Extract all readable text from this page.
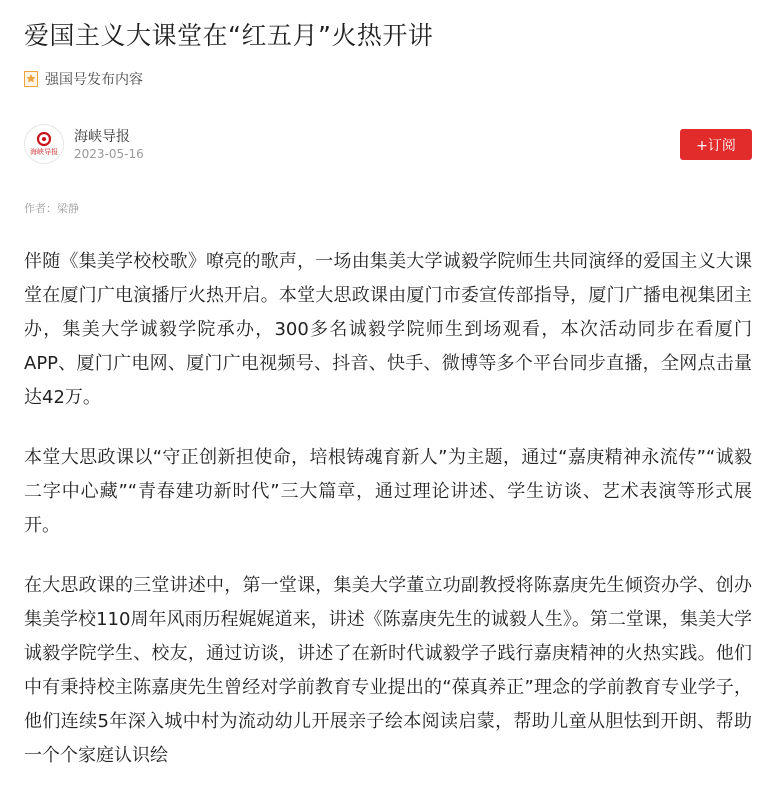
爱国主义大课堂在“红五月”火热开讲
强国号发布内容
海峡导报
海峡导报
2023-05-16
+订阅
作者：梁静

伴随《集美学校校歌》嘹亮的歌声，一场由集美大学诚毅学院师生共同演绎的爱国主义大课堂在厦门广电演播厅火热开启。本堂大思政课由厦门市委宣传部指导，厦门广播电视集团主办，集美大学诚毅学院承办，300多名诚毅学院师生到场观看，本次活动同步在看厦门APP、厦门广电网、厦门广电视频号、抖音、快手、微博等多个平台同步直播，全网点击量达42万。

本堂大思政课以“守正创新担使命，培根铸魂育新人”为主题，通过“嘉庚精神永流传”“诚毅二字中心藏”“青春建功新时代”三大篇章，通过理论讲述、学生访谈、艺术表演等形式展开。

在大思政课的三堂讲述中，第一堂课，集美大学董立功副教授将陈嘉庚先生倾资办学、创办集美学校110周年风雨历程娓娓道来，讲述《陈嘉庚先生的诚毅人生》。第二堂课，集美大学诚毅学院学生、校友，通过访谈，讲述了在新时代诚毅学子践行嘉庚精神的火热实践。他们中有秉持校主陈嘉庚先生曾经对学前教育专业提出的“葆真养正”理念的学前教育专业学子，他们连续5年深入城中村为流动幼儿开展亲子绘本阅读启蒙，帮助儿童从胆怯到开朗、帮助一个个家庭认识绘
